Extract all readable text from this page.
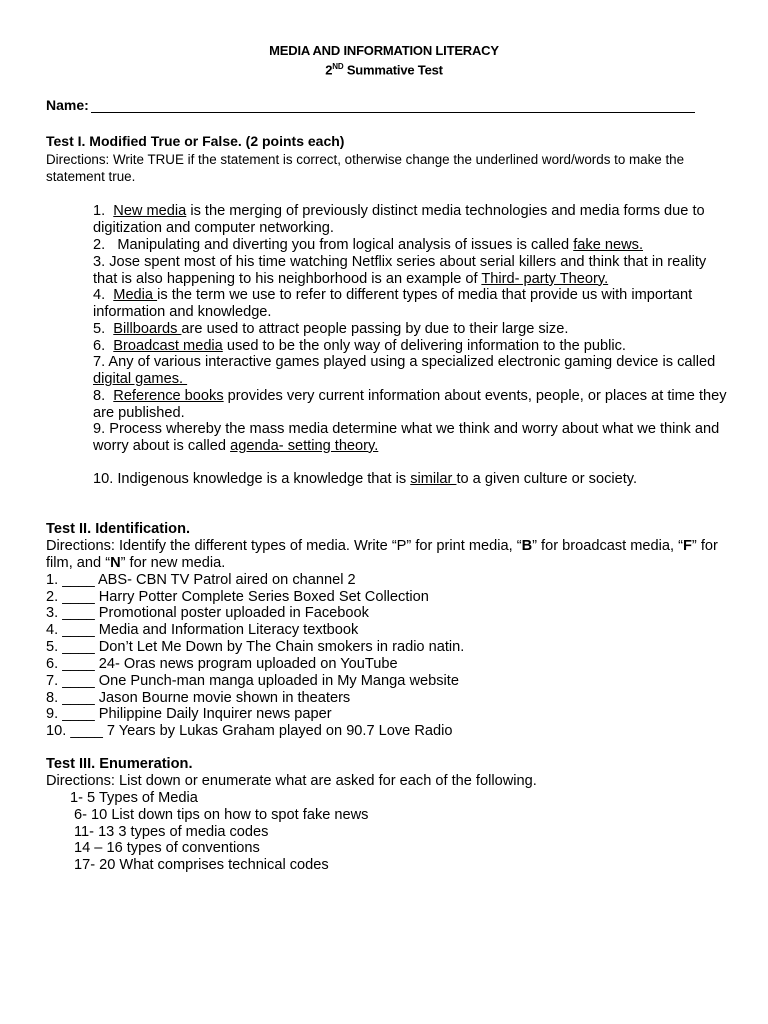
MEDIA AND INFORMATION LITERACY
2ND Summative Test
Name:
Test I. Modified True or False. (2 points each)
Directions: Write TRUE if the statement is correct, otherwise change the underlined word/words to make the statement true.
1. New media is the merging of previously distinct media technologies and media forms due to digitization and computer networking.
2.   Manipulating and diverting you from logical analysis of issues is called fake news.
3. Jose spent most of his time watching Netflix series about serial killers and think that in reality that is also happening to his neighborhood is an example of Third- party Theory.
4. Media is the term we use to refer to different types of media that provide us with important information and knowledge.
5. Billboards are used to attract people passing by due to their large size.
6. Broadcast media used to be the only way of delivering information to the public.
7. Any of various interactive games played using a specialized electronic gaming device is called digital games.
8. Reference books provides very current information about events, people, or places at time they are published.
9. Process whereby the mass media determine what we think and worry about what we think and worry about is called agenda- setting theory.
10. Indigenous knowledge is a knowledge that is similar to a given culture or society.
Test II. Identification.
Directions: Identify the different types of media. Write “P” for print media, “B” for broadcast media, “F” for film, and “N” for new media.
1. ____ ABS- CBN TV Patrol aired on channel 2
2. ____ Harry Potter Complete Series Boxed Set Collection
3. ____ Promotional poster uploaded in Facebook
4. ____ Media and Information Literacy textbook
5. ____ Don’t Let Me Down by The Chain smokers in radio natin.
6. ____ 24- Oras news program uploaded on YouTube
7. ____ One Punch-man manga uploaded in My Manga website
8. ____ Jason Bourne movie shown in theaters
9. ____ Philippine Daily Inquirer news paper
10. ____ 7 Years by Lukas Graham played on 90.7 Love Radio
Test III. Enumeration.
Directions: List down or enumerate what are asked for each of the following.
1- 5 Types of Media
6- 10 List down tips on how to spot fake news
11- 13 3 types of media codes
14 – 16 types of conventions
17- 20 What comprises technical codes
